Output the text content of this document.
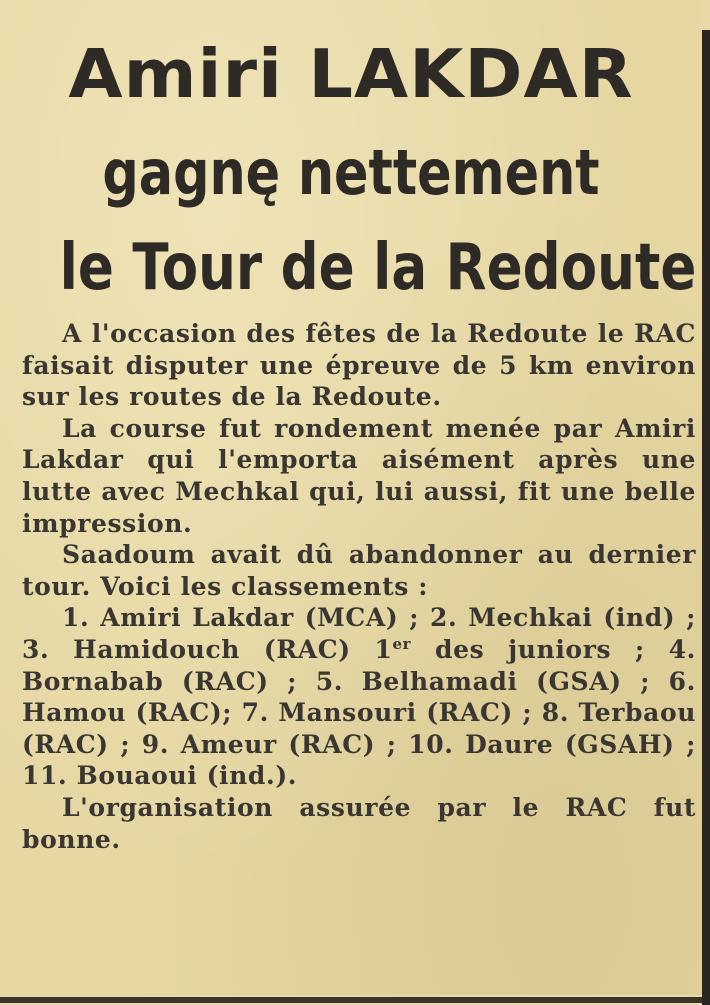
Amiri LAKDAR
gagnę nettement
le Tour de la Redoute

A l'occasion des fêtes de la Redoute le RAC faisait disputer une épreuve de 5 km environ sur les routes de la Redoute.

La course fut rondement menée par Amiri Lakdar qui l'emporta aisément après une lutte avec Mechkal qui, lui aussi, fit une belle impression.

Saadoum avait dû abandonner au dernier tour. Voici les classements :

1. Amiri Lakdar (MCA) ; 2. Mechkai (ind) ; 3. Hamidouch (RAC) 1er des juniors ; 4. Bornabab (RAC) ; 5. Belhamadi (GSA) ; 6. Hamou (RAC); 7. Mansouri (RAC) ; 8. Terbaou (RAC) ; 9. Ameur (RAC) ; 10. Daure (GSAH) ; 11. Bouaoui (ind.).

L'organisation assurée par le RAC fut bonne.
